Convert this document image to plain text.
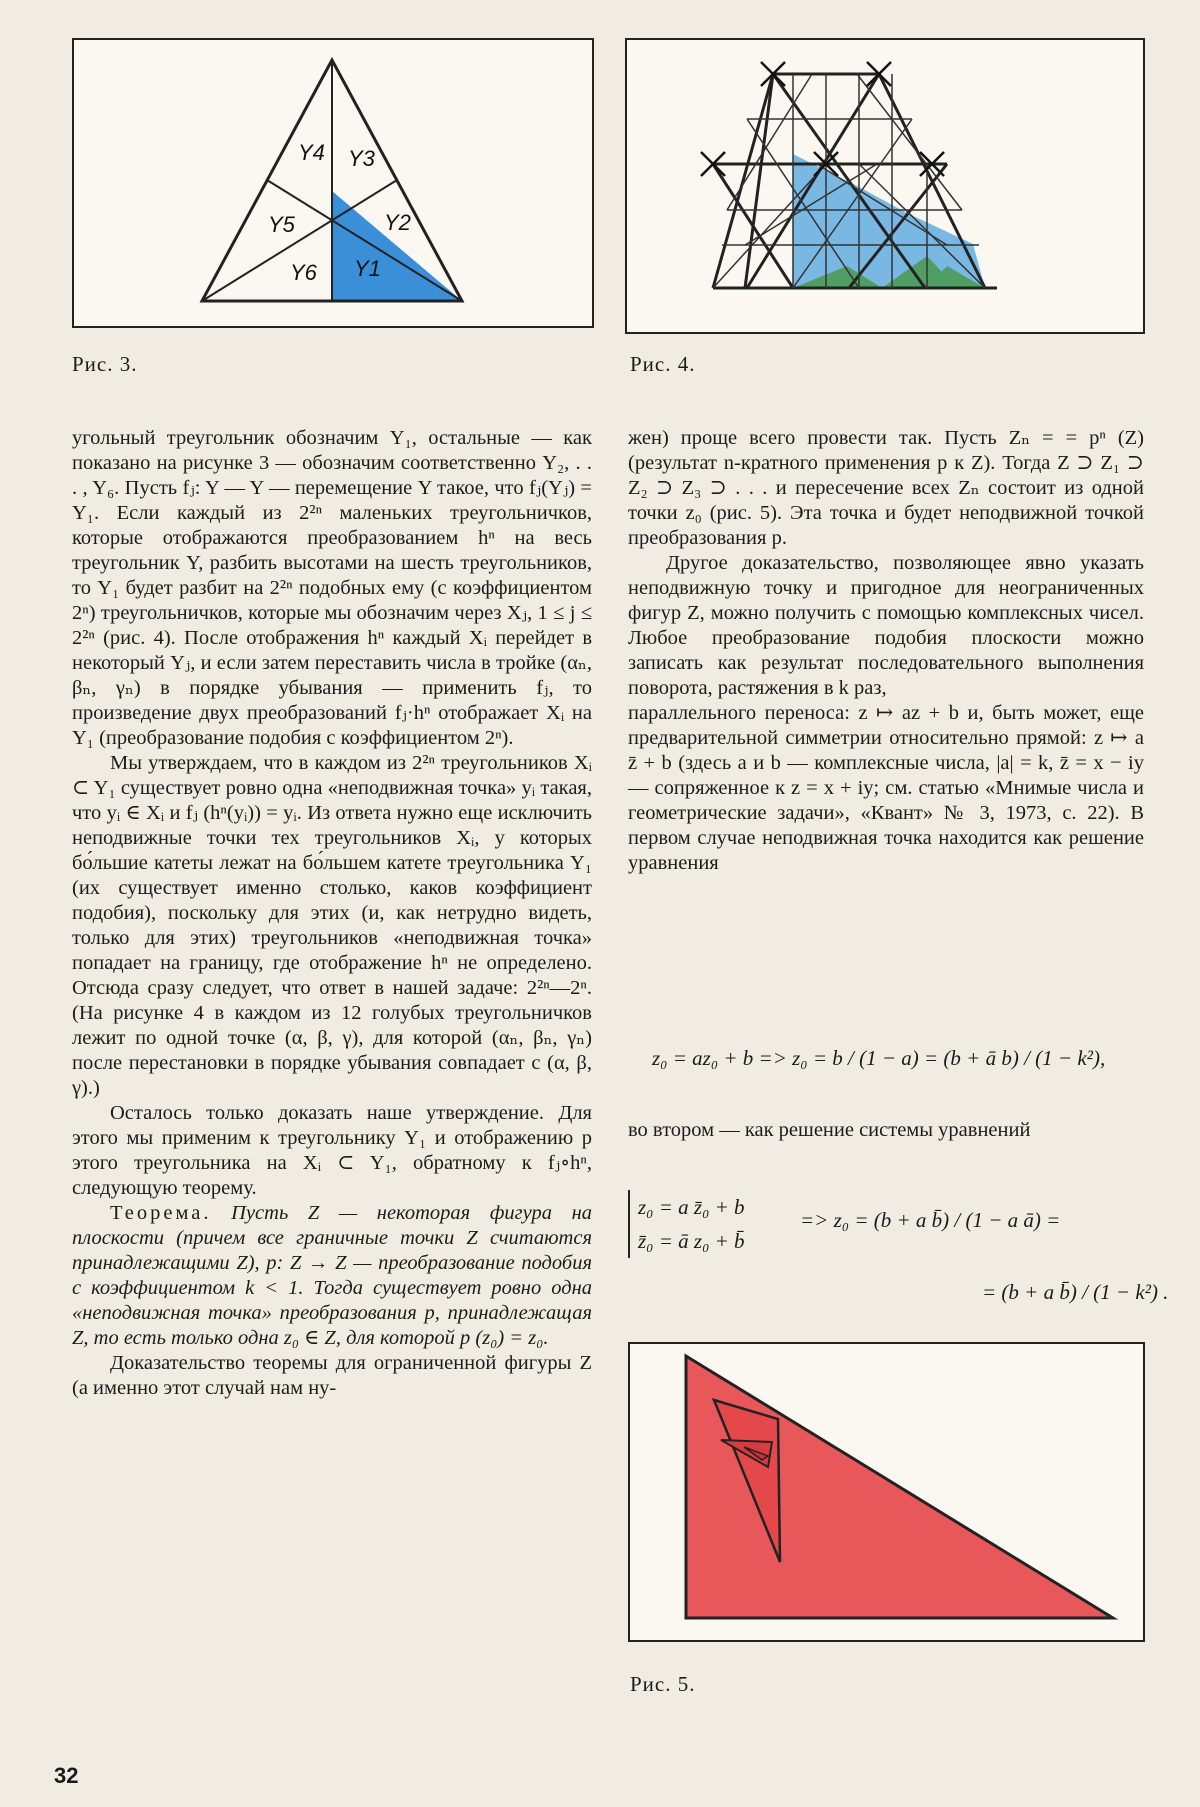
Y4 Y3
Y5	Y2
Y6 Y1
Рис. 3.	Рис. 4.

угольный треугольник обозначим Y₁, остальные — как показано на рисунке 3 — обозначим соответственно Y₂, . . . , Y₆. Пусть fⱼ: Y — Y — перемещение Y такое, что fⱼ(Yⱼ) = Y₁. Если каждый из 2²ⁿ маленьких треугольничков, которые отображаются преобразованием hⁿ на весь треугольник Y, разбить высотами на шесть треугольников, то Y₁ будет разбит на 2²ⁿ подобных ему (с коэффициентом 2ⁿ) треугольничков, которые мы обозначим через Xⱼ, 1 ≤ j ≤ 2²ⁿ (рис. 4). После отображения hⁿ каждый Xᵢ перейдет в некоторый Yⱼ, и если затем переставить числа в тройке (αₙ, βₙ, γₙ) в порядке убывания — применить fⱼ, то произведение двух преобразований fⱼ·hⁿ отображает Xᵢ на Y₁ (преобразование подобия с коэффициентом 2ⁿ).

Мы утверждаем, что в каждом из 2²ⁿ треугольников Xᵢ ⊂ Y₁ существует ровно одна «неподвижная точка» yᵢ такая, что yᵢ ∈ Xᵢ и fⱼ (hⁿ(yᵢ)) = yᵢ. Из ответа нужно еще исключить неподвижные точки тех треугольников Xᵢ, у которых бо́льшие катеты лежат на бо́льшем катете треугольника Y₁ (их существует именно столько, каков коэффициент подобия), поскольку для этих (и, как нетрудно видеть, только для этих) треугольников «неподвижная точка» попадает на границу, где отображение hⁿ не определено. Отсюда сразу следует, что ответ в нашей задаче: 2²ⁿ—2ⁿ. (На рисунке 4 в каждом из 12 голубых треугольничков лежит по одной точке (α, β, γ), для которой (αₙ, βₙ, γₙ) после перестановки в порядке убывания совпадает с (α, β, γ).)

Осталось только доказать наше утверждение. Для этого мы применим к треугольнику Y₁ и отображению p этого треугольника на Xᵢ ⊂ Y₁, обратному к fⱼ∘hⁿ, следующую теорему.

Теорема. Пусть Z — некоторая фигура на плоскости (причем все граничные точки Z считаются принадлежащими Z), p: Z → Z — преобразование подобия с коэффициентом k < 1. Тогда существует ровно одна «неподвижная точка» преобразования p, принадлежащая Z, то есть только одна z₀ ∈ Z, для которой p (z₀) = z₀.

Доказательство теоремы для ограниченной фигуры Z (а именно этот случай нам ну-

жен) проще всего провести так. Пусть Zₙ = = pⁿ (Z) (результат n-кратного применения p к Z). Тогда Z ⊃ Z₁ ⊃ Z₂ ⊃ Z₃ ⊃ . . . и пересечение всех Zₙ состоит из одной точки z₀ (рис. 5). Эта точка и будет неподвижной точкой преобразования p.

Другое доказательство, позволяющее явно указать неподвижную точку и пригодное для неограниченных фигур Z, можно получить с помощью комплексных чисел. Любое преобразование подобия плоскости можно записать как результат последовательного выполнения поворота, растяжения в k раз,

параллельного переноса: z ↦ az + b и, быть может, еще предварительной симметрии относительно прямой: z ↦ a z̄ + b (здесь a и b — комплексные числа, |a| = k, z̄ = x − iy — сопряженное к z = x + iy; см. статью «Мнимые числа и геометрические задачи», «Квант» № 3, 1973, с. 22). В первом случае неподвижная точка находится как решение уравнения

z₀ = az₀ + b => z₀ = b / (1 − a) = (b + ā b) / (1 − k²),

во втором — как решение системы уравнений

z₀ = a z̄₀ + b
z̄₀ = ā z₀ + b̄
=> z₀ = (b + a b̄) / (1 − a ā) =
= (b + a b̄) / (1 − k²) .
Рис. 5.
32
